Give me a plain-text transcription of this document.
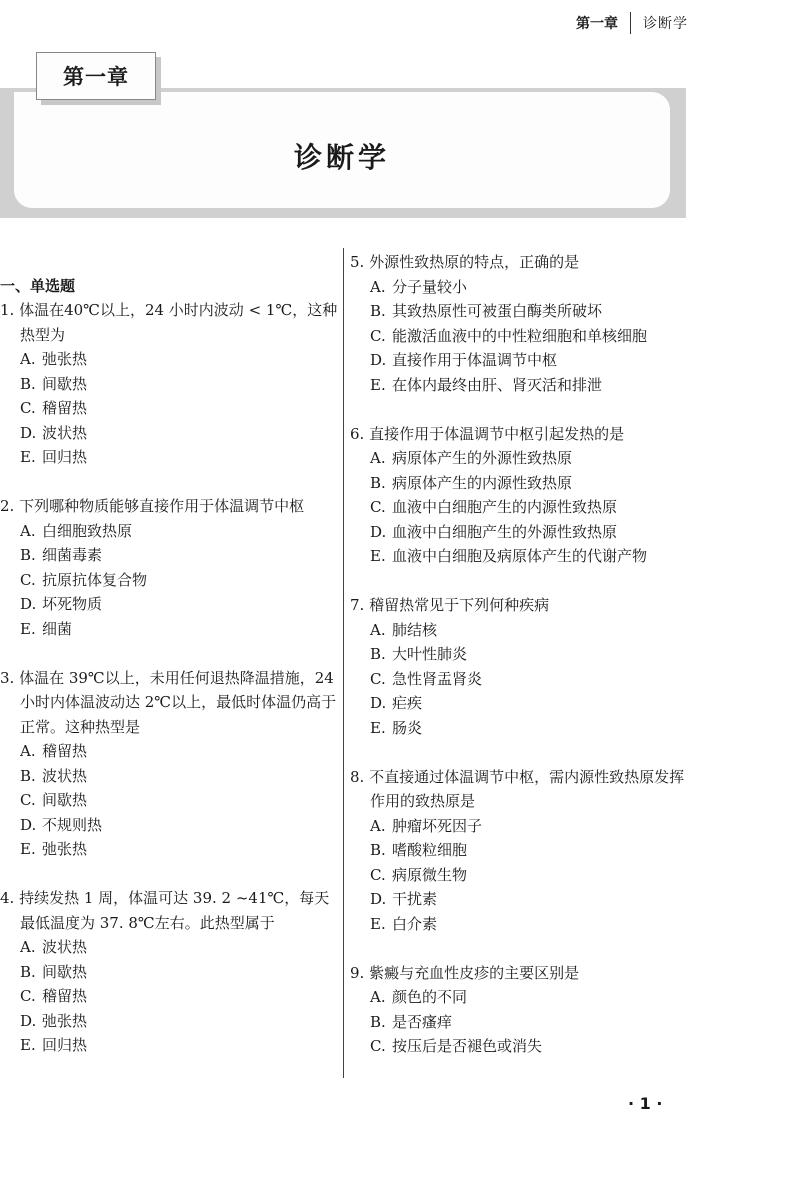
第一章 诊断学
诊断学
第一章
一、单选题

1. 体温在40℃以上，24 小时内波动 < 1℃，这种热型为

A. 弛张热
B. 间歇热
C. 稽留热
D. 波状热
E. 回归热

2. 下列哪种物质能够直接作用于体温调节中枢

A. 白细胞致热原
B. 细菌毒素
C. 抗原抗体复合物
D. 坏死物质
E. 细菌

3. 体温在 39℃以上，未用任何退热降温措施，24 小时内体温波动达 2℃以上，最低时体温仍高于正常。这种热型是

A. 稽留热
B. 波状热
C. 间歇热
D. 不规则热
E. 弛张热

4. 持续发热 1 周，体温可达 39. 2 ~41℃，每天最低温度为 37. 8℃左右。此热型属于

A. 波状热
B. 间歇热
C. 稽留热
D. 弛张热
E. 回归热

5. 外源性致热原的特点，正确的是

A. 分子量较小
B. 其致热原性可被蛋白酶类所破坏
C. 能激活血液中的中性粒细胞和单核细胞
D. 直接作用于体温调节中枢
E. 在体内最终由肝、肾灭活和排泄

6. 直接作用于体温调节中枢引起发热的是

A. 病原体产生的外源性致热原
B. 病原体产生的内源性致热原
C. 血液中白细胞产生的内源性致热原
D. 血液中白细胞产生的外源性致热原
E. 血液中白细胞及病原体产生的代谢产物

7. 稽留热常见于下列何种疾病

A. 肺结核
B. 大叶性肺炎
C. 急性肾盂肾炎
D. 疟疾
E. 肠炎

8. 不直接通过体温调节中枢，需内源性致热原发挥作用的致热原是

A. 肿瘤坏死因子
B. 嗜酸粒细胞
C. 病原微生物
D. 干扰素
E. 白介素

9. 紫癜与充血性皮疹的主要区别是

A. 颜色的不同
B. 是否瘙痒
C. 按压后是否褪色或消失
· 1 ·
